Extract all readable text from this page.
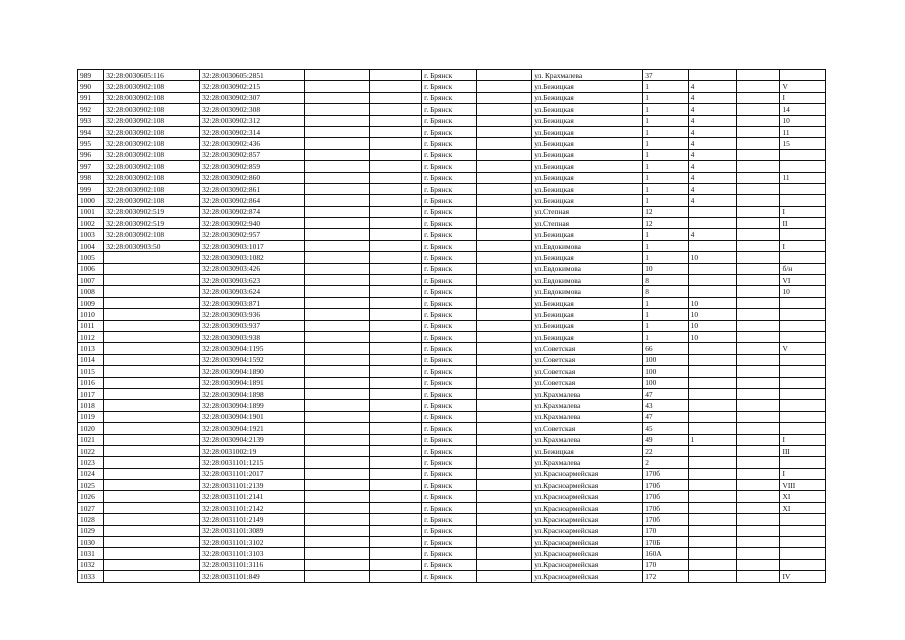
989	32:28:0030605:116	32:28:0030605:2851			г. Брянск		ул. Крахмалева	37			
990	32:28:0030902:108	32:28:0030902:215			г. Брянск		ул.Бежицкая	1	4		V
991	32:28:0030902:108	32:28:0030902:307			г. Брянск		ул.Бежицкая	1	4		I
992	32:28:0030902:108	32:28:0030902:308			г. Брянск		ул.Бежицкая	1	4		14
993	32:28:0030902:108	32:28:0030902:312			г. Брянск		ул.Бежицкая	1	4		10
994	32:28:0030902:108	32:28:0030902:314			г. Брянск		ул.Бежицкая	1	4		11
995	32:28:0030902:108	32:28:0030902:436			г. Брянск		ул.Бежицкая	1	4		15
996	32:28:0030902:108	32:28:0030902:857			г. Брянск		ул.Бежицкая	1	4		
997	32:28:0030902:108	32:28:0030902:859			г. Брянск		ул.Бежицкая	1	4		
998	32:28:0030902:108	32:28:0030902:860			г. Брянск		ул.Бежицкая	1	4		11
999	32:28:0030902:108	32:28:0030902:861			г. Брянск		ул.Бежицкая	1	4		
1000	32:28:0030902:108	32:28:0030902:864			г. Брянск		ул.Бежицкая	1	4		
1001	32:28:0030902:519	32:28:0030902:874			г. Брянск		ул.Степная	12			I
1002	32:28:0030902:519	32:28:0030902:940			г. Брянск		ул.Степная	12			II
1003	32:28:0030902:108	32:28:0030902:957			г. Брянск		ул.Бежицкая	1	4		
1004	32:28:0030903:50	32:28:0030903:1017			г. Брянск		ул.Евдокимова	1			I
1005		32:28:0030903:1082			г. Брянск		ул.Бежицкая	1	10		
1006		32:28:0030903:426			г. Брянск		ул.Евдокимова	10			б/н
1007		32:28:0030903:623			г. Брянск		ул.Евдокимова	8			VI
1008		32:28:0030903:624			г. Брянск		ул.Евдокимова	8			10
1009		32:28:0030903:871			г. Брянск		ул.Бежицкая	1	10		
1010		32:28:0030903:936			г. Брянск		ул.Бежицкая	1	10		
1011		32:28:0030903:937			г. Брянск		ул.Бежицкая	1	10		
1012		32:28:0030903:938			г. Брянск		ул.Бежицкая	1	10		
1013		32:28:0030904:1195			г. Брянск		ул.Советская	66			V
1014		32:28:0030904:1592			г. Брянск		ул.Советская	100			
1015		32:28:0030904:1890			г. Брянск		ул.Советская	100			
1016		32:28:0030904:1891			г. Брянск		ул.Советская	100			
1017		32:28:0030904:1898			г. Брянск		ул.Крахмалева	47			
1018		32:28:0030904:1899			г. Брянск		ул.Крахмалева	43			
1019		32:28:0030904:1901			г. Брянск		ул.Крахмалева	47			
1020		32:28:0030904:1921			г. Брянск		ул.Советская	45			
1021		32:28:0030904:2139			г. Брянск		ул.Крахмалева	49	1		I
1022		32:28:0031002:19			г. Брянск		ул.Бежицкая	22			III
1023		32:28:0031101:1215			г. Брянск		ул.Крахмалева	2			
1024		32:28:0031101:2017			г. Брянск		ул.Красноармейская	170б			I
1025		32:28:0031101:2139			г. Брянск		ул.Красноармейская	170б			VIII
1026		32:28:0031101:2141			г. Брянск		ул.Красноармейская	170б			XI
1027		32:28:0031101:2142			г. Брянск		ул.Красноармейская	170б			XI
1028		32:28:0031101:2149			г. Брянск		ул.Красноармейская	170б			
1029		32:28:0031101:3089			г. Брянск		ул.Красноармейская	170			
1030		32:28:0031101:3102			г. Брянск		ул.Красноармейская	170Б			
1031		32:28:0031101:3103			г. Брянск		ул.Красноармейская	160А			
1032		32:28:0031101:3116			г. Брянск		ул.Красноармейская	170			
1033		32:28:0031101:849			г. Брянск		ул.Красноармейская	172			IV
